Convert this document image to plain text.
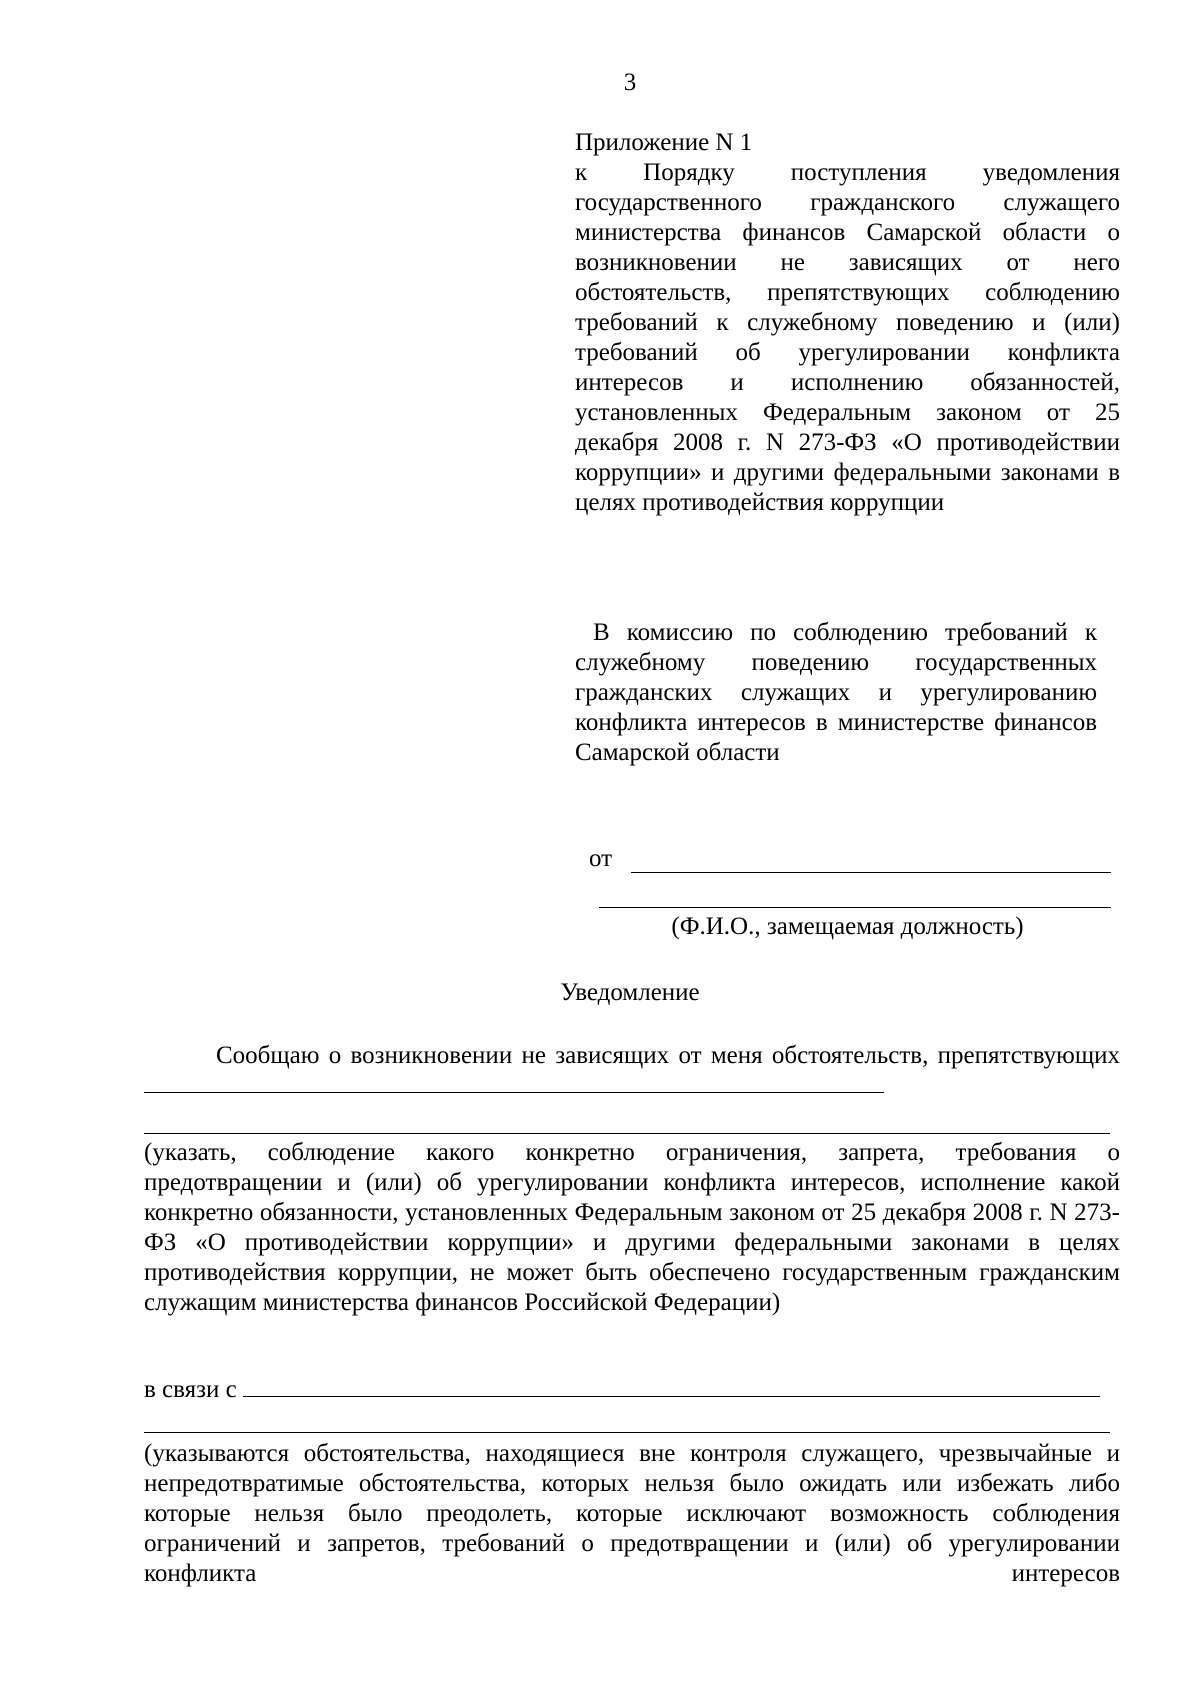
3

Приложение N 1

к Порядку поступления уведомления государственного гражданского служащего министерства финансов Самарской области о возникновении не зависящих от него обстоятельств, препятствующих соблюдению требований к служебному поведению и (или) требований об урегулировании конфликта интересов и исполнению обязанностей, установленных Федеральным законом от 25 декабря 2008 г. N 273-ФЗ «О противодействии коррупции» и другими федеральными законами в целях противодействия коррупции

В комиссию по соблюдению требований к служебному поведению государственных гражданских служащих и урегулированию конфликта интересов в министерстве финансов Самарской области
от
(Ф.И.О., замещаемая должность)
Уведомление
Сообщаю о возникновении не зависящих от меня обстоятельств, препятствующих
(указать, соблюдение какого конкретно ограничения, запрета, требования о предотвращении и (или) об урегулировании конфликта интересов, исполнение какой конкретно обязанности, установленных Федеральным законом от 25 декабря 2008 г. N 273-ФЗ «О противодействии коррупции» и другими федеральными законами в целях противодействия коррупции, не может быть обеспечено государственным гражданским служащим министерства финансов Российской Федерации)
в связи с
(указываются обстоятельства, находящиеся вне контроля служащего, чрезвычайные и непредотвратимые обстоятельства, которых нельзя было ожидать или избежать либо которые нельзя было преодолеть, которые исключают возможность соблюдения ограничений и запретов, требований о предотвращении и (или) об урегулировании конфликта интересов
